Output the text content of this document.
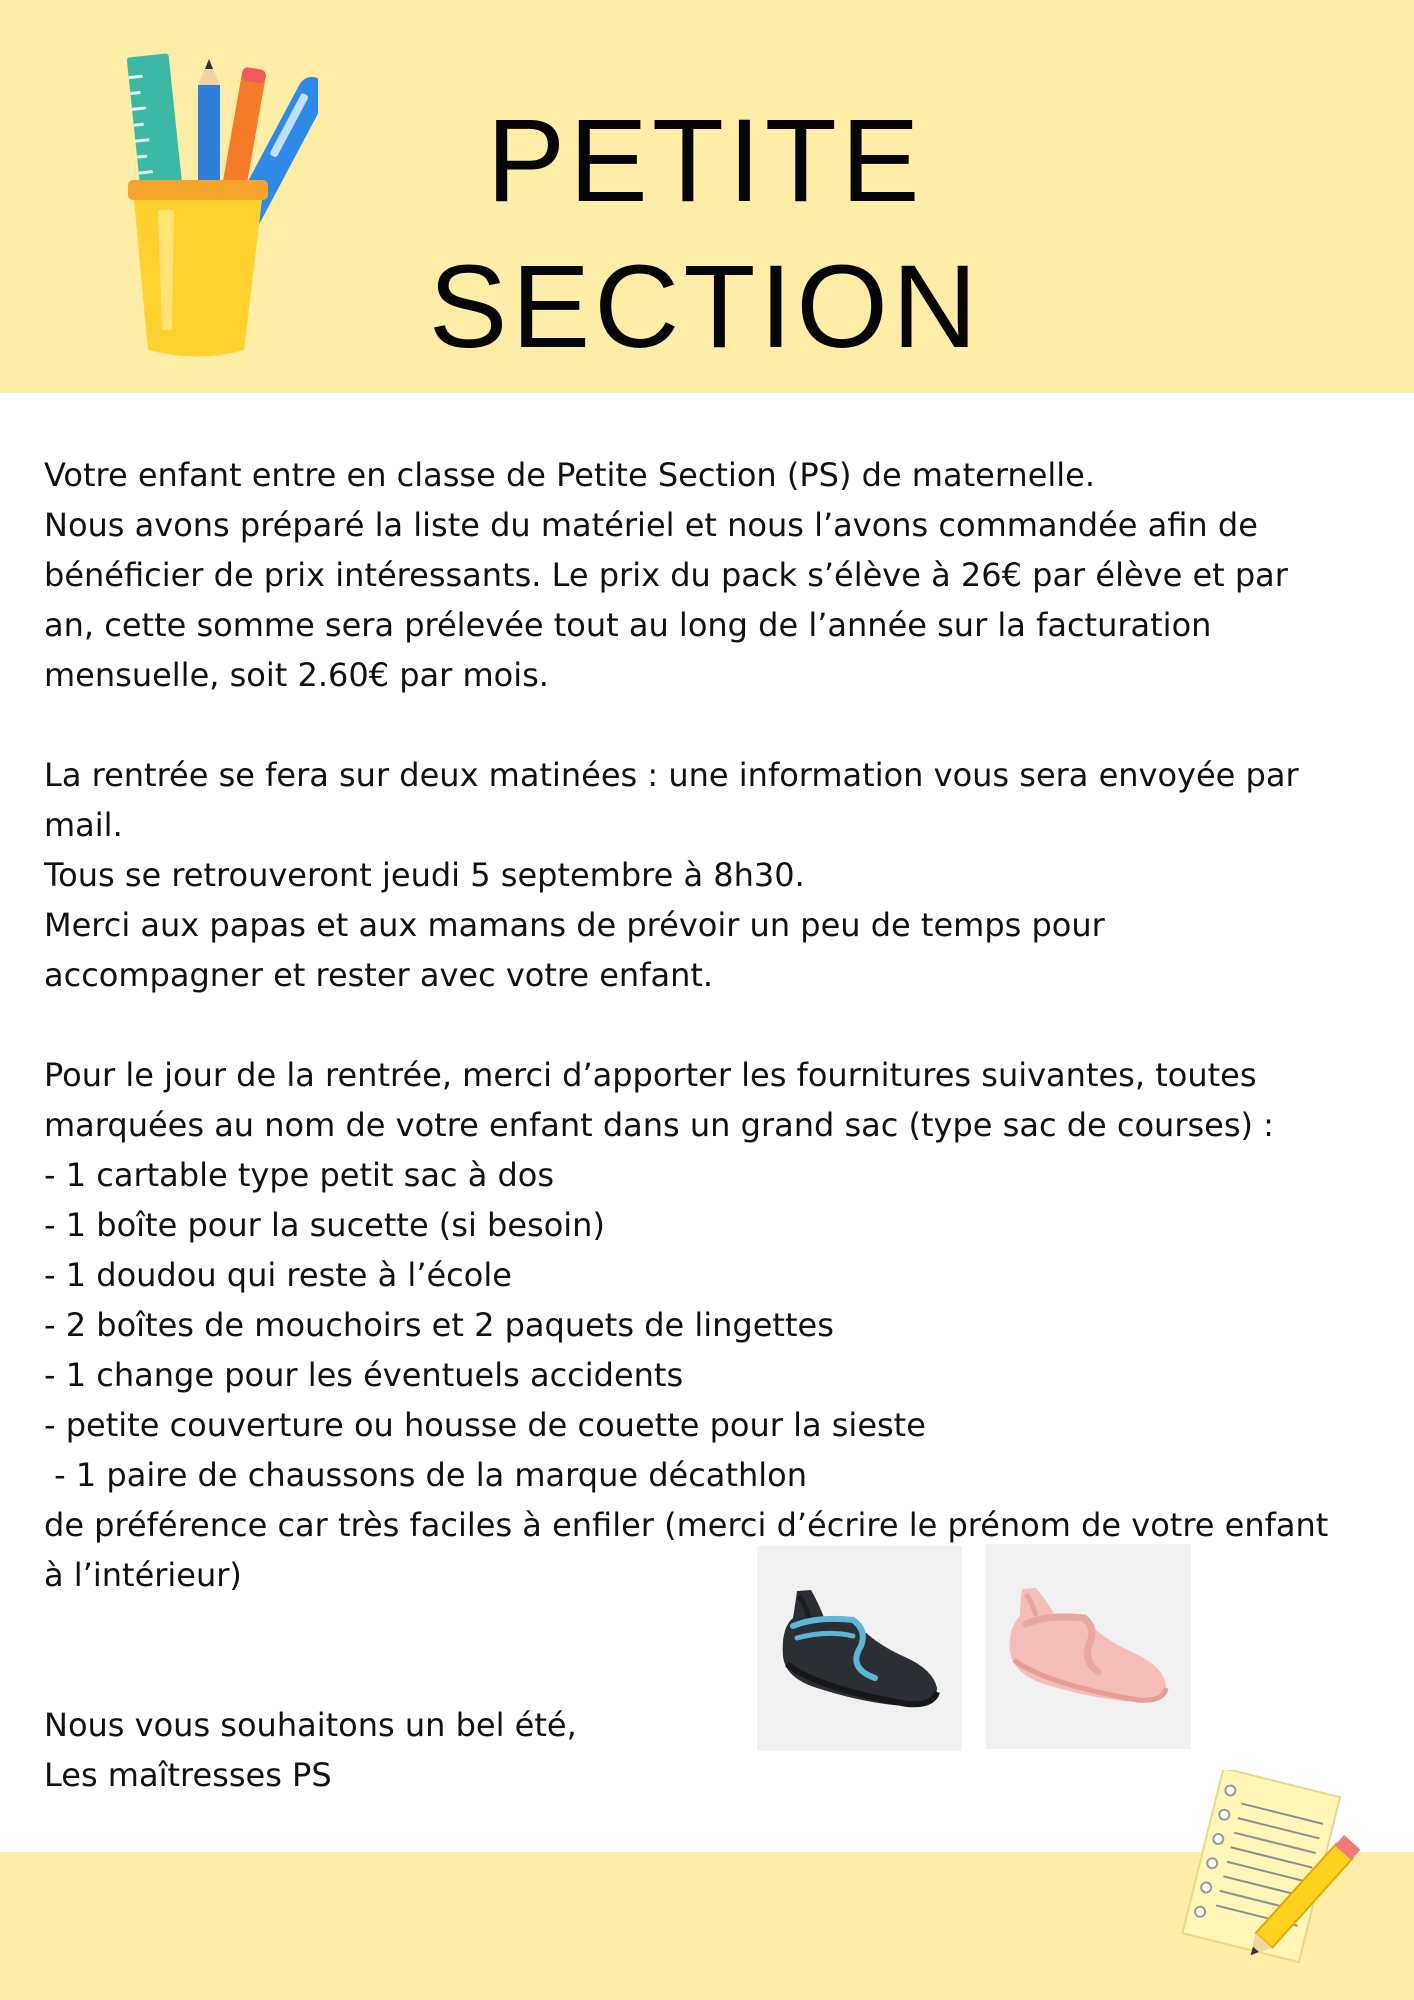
PETITE
SECTION

Votre enfant entre en classe de Petite Section (PS) de maternelle.

Nous avons préparé la liste du matériel et nous l’avons commandée afin de

bénéficier de prix intéressants. Le prix du pack s’élève à 26€ par élève et par

an, cette somme sera prélevée tout au long de l’année sur la facturation

mensuelle, soit 2.60€ par mois.

La rentrée se fera sur deux matinées : une information vous sera envoyée par

mail.

Tous se retrouveront jeudi 5 septembre à 8h30.

Merci aux papas et aux mamans de prévoir un peu de temps pour

accompagner et rester avec votre enfant.

Pour le jour de la rentrée, merci d’apporter les fournitures suivantes, toutes

marquées au nom de votre enfant dans un grand sac (type sac de courses) :

- 1 cartable type petit sac à dos

- 1 boîte pour la sucette (si besoin)

- 1 doudou qui reste à l’école

- 2 boîtes de mouchoirs et 2 paquets de lingettes

- 1 change pour les éventuels accidents

- petite couverture ou housse de couette pour la sieste

- 1 paire de chaussons de la marque décathlon

de préférence car très faciles à enfiler (merci d’écrire le prénom de votre enfant

à l’intérieur)

Nous vous souhaitons un bel été,

Les maîtresses PS
